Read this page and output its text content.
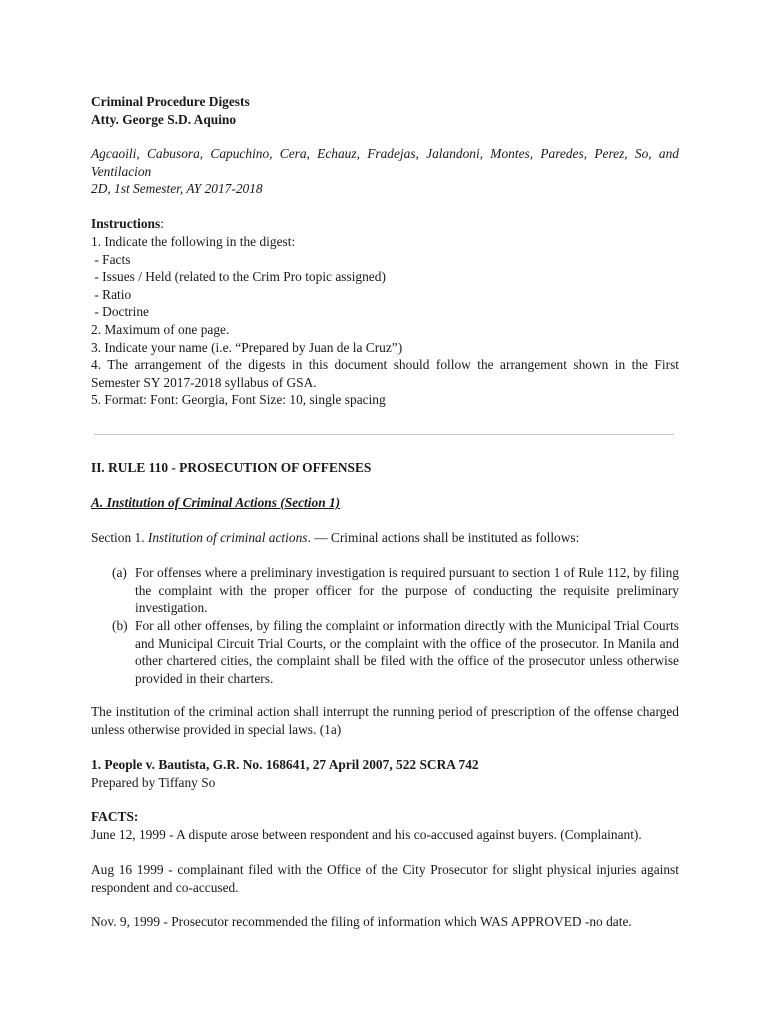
Criminal Procedure Digests

Atty. George S.D. Aquino

Agcaoili, Cabusora, Capuchino, Cera, Echauz, Fradejas, Jalandoni, Montes, Paredes, Perez, So, and Ventilacion

2D, 1st Semester, AY 2017-2018

Instructions:

1. Indicate the following in the digest:
- Facts
- Issues / Held (related to the Crim Pro topic assigned)
- Ratio
- Doctrine
2. Maximum of one page.
3. Indicate your name (i.e. “Prepared by Juan de la Cruz”)
4. The arrangement of the digests in this document should follow the arrangement shown in the First Semester SY 2017-2018 syllabus of GSA.
5. Format: Font: Georgia, Font Size: 10, single spacing

II. RULE 110 - PROSECUTION OF OFFENSES

A. Institution of Criminal Actions (Section 1)

Section 1. Institution of criminal actions. — Criminal actions shall be instituted as follows:

(a) For offenses where a preliminary investigation is required pursuant to section 1 of Rule 112, by filing the complaint with the proper officer for the purpose of conducting the requisite preliminary investigation.
(b) For all other offenses, by filing the complaint or information directly with the Municipal Trial Courts and Municipal Circuit Trial Courts, or the complaint with the office of the prosecutor. In Manila and other chartered cities, the complaint shall be filed with the office of the prosecutor unless otherwise provided in their charters.

The institution of the criminal action shall interrupt the running period of prescription of the offense charged unless otherwise provided in special laws. (1a)

1. People v. Bautista, G.R. No. 168641, 27 April 2007, 522 SCRA 742

Prepared by Tiffany So

FACTS:

June 12, 1999 - A dispute arose between respondent and his co-accused against buyers. (Complainant).

Aug 16 1999 - complainant filed with the Office of the City Prosecutor for slight physical injuries against respondent and co-accused.

Nov. 9, 1999 - Prosecutor recommended the filing of information which WAS APPROVED -no date.
